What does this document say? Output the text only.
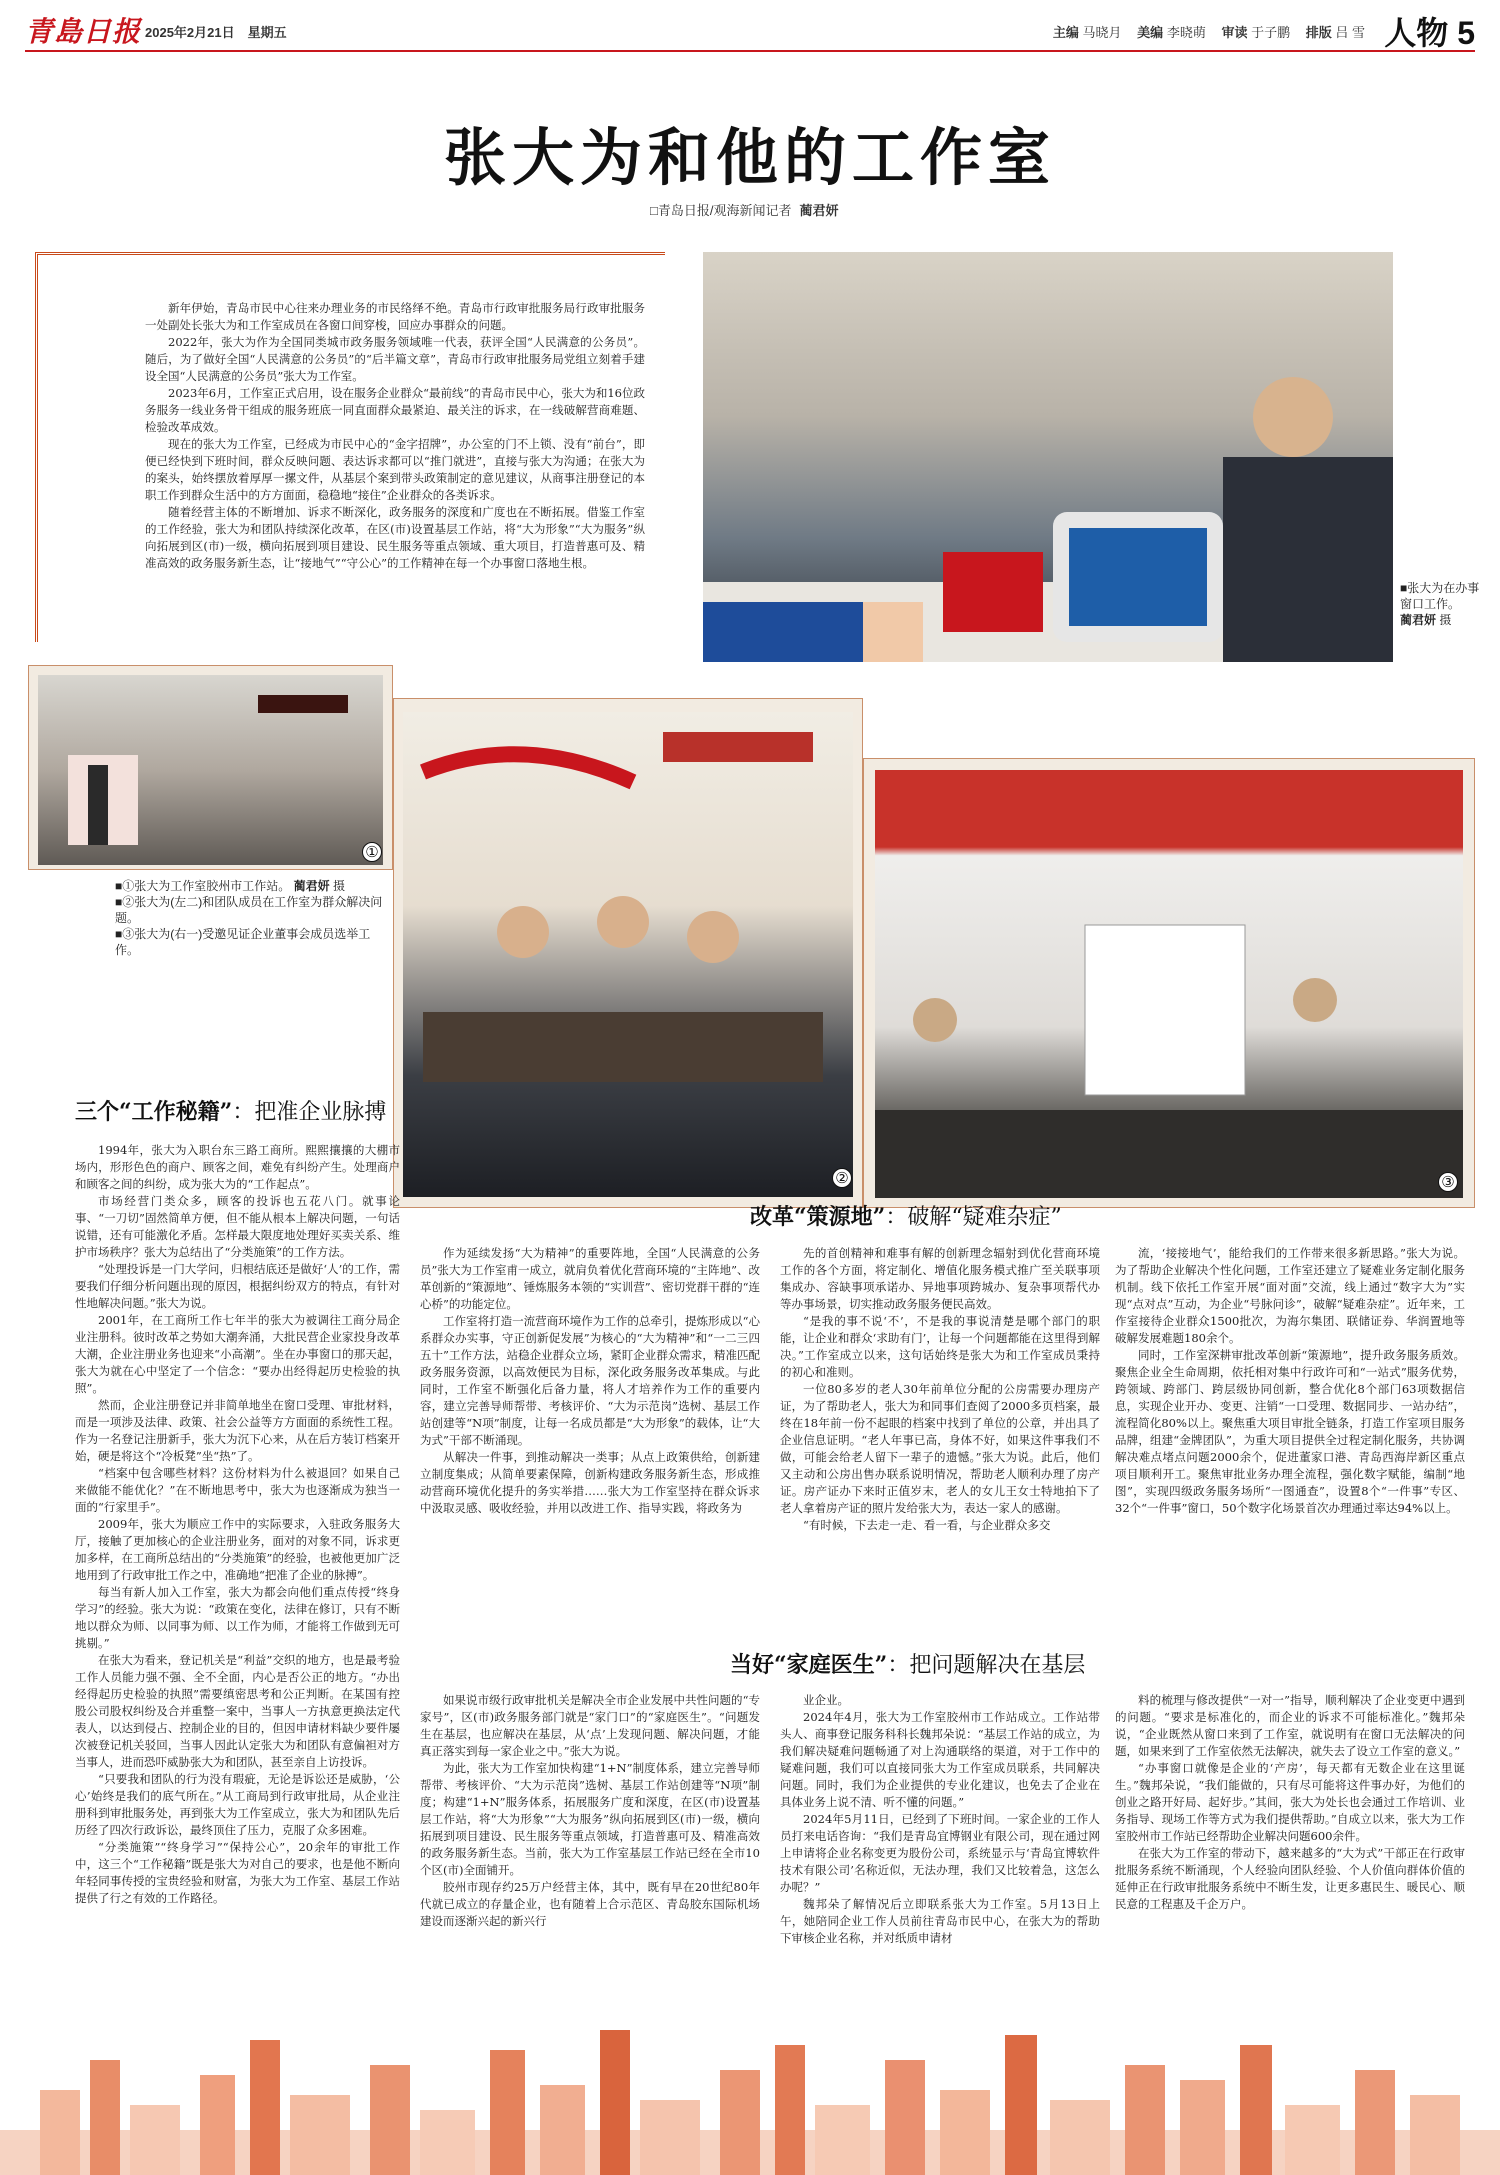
青島日报 2025年2月21日　星期五	主编 马晓月 美编 李晓萌 审读 于子鹏 排版 吕 雪 人物 5
张大为和他的工作室
□青岛日报/观海新闻记者 蔺君妍

新年伊始，青岛市民中心往来办理业务的市民络绎不绝。青岛市行政审批服务局行政审批服务一处副处长张大为和工作室成员在各窗口间穿梭，回应办事群众的问题。

2022年，张大为作为全国同类城市政务服务领域唯一代表，获评全国“人民满意的公务员”。随后，为了做好全国“人民满意的公务员”的“后半篇文章”，青岛市行政审批服务局党组立刻着手建设全国“人民满意的公务员”张大为工作室。

2023年6月，工作室正式启用，设在服务企业群众“最前线”的青岛市民中心，张大为和16位政务服务一线业务骨干组成的服务班底一同直面群众最紧迫、最关注的诉求，在一线破解营商难题、检验改革成效。

现在的张大为工作室，已经成为市民中心的“金字招牌”，办公室的门不上锁、没有“前台”，即便已经快到下班时间，群众反映问题、表达诉求都可以“推门就进”，直接与张大为沟通；在张大为的案头，始终摆放着厚厚一摞文件，从基层个案到带头政策制定的意见建议，从商事注册登记的本职工作到群众生活中的方方面面，稳稳地“接住”企业群众的各类诉求。

随着经营主体的不断增加、诉求不断深化，政务服务的深度和广度也在不断拓展。借鉴工作室的工作经验，张大为和团队持续深化改革，在区(市)设置基层工作站，将“大为形象”“大为服务”纵向拓展到区(市)一级，横向拓展到项目建设、民生服务等重点领域、重大项目，打造普惠可及、精准高效的政务服务新生态，让“接地气”“守公心”的工作精神在每一个办事窗口落地生根。

■张大为在办事窗口工作。
蔺君妍 摄
①
②	③
■①张大为工作室胶州市工作站。 蔺君妍 摄
■②张大为(左二)和团队成员在工作室为群众解决问题。
■③张大为(右一)受邀见证企业董事会成员选举工作。
三个“工作秘籍”：把准企业脉搏

1994年，张大为入职台东三路工商所。熙熙攘攘的大棚市场内，形形色色的商户、顾客之间，难免有纠纷产生。处理商户和顾客之间的纠纷，成为张大为的“工作起点”。

市场经营门类众多，顾客的投诉也五花八门。就事论事、“一刀切”固然简单方便，但不能从根本上解决问题，一句话说错，还有可能激化矛盾。怎样最大限度地处理好买卖关系、维护市场秩序？张大为总结出了“分类施策”的工作方法。

“处理投诉是一门大学问，归根结底还是做好‘人’的工作，需要我们仔细分析问题出现的原因，根据纠纷双方的特点，有针对性地解决问题。”张大为说。

2001年，在工商所工作七年半的张大为被调往工商分局企业注册科。彼时改革之势如大潮奔涌，大批民营企业家投身改革大潮，企业注册业务也迎来“小高潮”。坐在办事窗口的那天起，张大为就在心中坚定了一个信念：“要办出经得起历史检验的执照”。

然而，企业注册登记并非简单地坐在窗口受理、审批材料，而是一项涉及法律、政策、社会公益等方方面面的系统性工程。作为一名登记注册新手，张大为沉下心来，从在后方装订档案开始，硬是将这个“冷板凳”坐“热”了。

“档案中包含哪些材料？这份材料为什么被退回？如果自己来做能不能优化？”在不断地思考中，张大为也逐渐成为独当一面的“行家里手”。

2009年，张大为顺应工作中的实际要求，入驻政务服务大厅，接触了更加核心的企业注册业务，面对的对象不同，诉求更加多样，在工商所总结出的“分类施策”的经验，也被他更加广泛地用到了行政审批工作之中，准确地“把准了企业的脉搏”。

每当有新人加入工作室，张大为都会向他们重点传授“终身学习”的经验。张大为说：“政策在变化，法律在修订，只有不断地以群众为师、以同事为师、以工作为师，才能将工作做到无可挑剔。”

在张大为看来，登记机关是“利益”交织的地方，也是最考验工作人员能力强不强、全不全面，内心是否公正的地方。“办出经得起历史检验的执照”需要缜密思考和公正判断。在某国有控股公司股权纠纷及合并重整一案中，当事人一方执意更换法定代表人，以达到侵占、控制企业的目的，但因申请材料缺少要件屡次被登记机关驳回，当事人因此认定张大为和团队有意偏袒对方当事人，进而恐吓威胁张大为和团队，甚至亲自上访投诉。

“只要我和团队的行为没有瑕疵，无论是诉讼还是威胁，‘公心’始终是我们的底气所在。”从工商局到行政审批局，从企业注册科到审批服务处，再到张大为工作室成立，张大为和团队先后历经了四次行政诉讼，最终顶住了压力，克服了众多困难。

“分类施策”“终身学习”“保持公心”，20余年的审批工作中，这三个“工作秘籍”既是张大为对自己的要求，也是他不断向年轻同事传授的宝贵经验和财富，为张大为工作室、基层工作站提供了行之有效的工作路径。

改革“策源地”：破解“疑难杂症”

作为延续发扬“大为精神”的重要阵地，全国“人民满意的公务员”张大为工作室甫一成立，就肩负着优化营商环境的“主阵地”、改革创新的“策源地”、锤炼服务本领的“实训营”、密切党群干群的“连心桥”的功能定位。

工作室将打造一流营商环境作为工作的总牵引，提炼形成以“心系群众办实事，守正创新促发展”为核心的“大为精神”和“一二三四五十”工作方法，站稳企业群众立场，紧盯企业群众需求，精准匹配政务服务资源，以高效便民为目标，深化政务服务改革集成。与此同时，工作室不断强化后备力量，将人才培养作为工作的重要内容，建立完善导师帮带、考核评价、“大为示范岗”选树、基层工作站创建等“N项”制度，让每一名成员都是“大为形象”的载体，让“大为式”干部不断涌现。

从解决一件事，到推动解决一类事；从点上政策供给，创新建立制度集成；从简单要素保障，创新构建政务服务新生态，形成推动营商环境优化提升的务实举措……张大为工作室坚持在群众诉求中汲取灵感、吸收经验，并用以改进工作、指导实践，将政务为

先的首创精神和难事有解的创新理念辐射到优化营商环境工作的各个方面，将定制化、增值化服务模式推广至关联事项集成办、容缺事项承诺办、异地事项跨城办、复杂事项帮代办等办事场景，切实推动政务服务便民高效。

“是我的事不说‘不’，不是我的事说清楚是哪个部门的职能，让企业和群众‘求助有门’，让每一个问题都能在这里得到解决。”工作室成立以来，这句话始终是张大为和工作室成员秉持的初心和准则。

一位80多岁的老人30年前单位分配的公房需要办理房产证，为了帮助老人，张大为和同事们查阅了2000多页档案，最终在18年前一份不起眼的档案中找到了单位的公章，并出具了企业信息证明。“老人年事已高，身体不好，如果这件事我们不做，可能会给老人留下一辈子的遗憾。”张大为说。此后，他们又主动和公房出售办联系说明情况，帮助老人顺利办理了房产证。房产证办下来时正值岁末，老人的女儿王女士特地拍下了老人拿着房产证的照片发给张大为，表达一家人的感谢。

“有时候，下去走一走、看一看，与企业群众多交

流，‘接接地气’，能给我们的工作带来很多新思路。”张大为说。为了帮助企业解决个性化问题，工作室还建立了疑难业务定制化服务机制。线下依托工作室开展“面对面”交流，线上通过“数字大为”实现“点对点”互动，为企业“号脉问诊”，破解“疑难杂症”。近年来，工作室接待企业群众1500批次，为海尔集团、联储证券、华润置地等破解发展难题180余个。

同时，工作室深耕审批改革创新“策源地”，提升政务服务质效。聚焦企业全生命周期，依托相对集中行政许可和“一站式”服务优势，跨领域、跨部门、跨层级协同创新，整合优化8个部门63项数据信息，实现企业开办、变更、注销“一口受理、数据同步、一站办结”，流程简化80%以上。聚焦重大项目审批全链条，打造工作室项目服务品牌，组建“金牌团队”，为重大项目提供全过程定制化服务，共协调解决难点堵点问题2000余个，促进董家口港、青岛西海岸新区重点项目顺利开工。聚焦审批业务办理全流程，强化数字赋能，编制“地图”，实现四级政务服务场所“一图通查”，设置8个“一件事”专区、32个“一件事”窗口，50个数字化场景首次办理通过率达94%以上。

当好“家庭医生”：把问题解决在基层

如果说市级行政审批机关是解决全市企业发展中共性问题的“专家号”，区(市)政务服务部门就是“家门口”的“家庭医生”。“问题发生在基层，也应解决在基层，从‘点’上发现问题、解决问题，才能真正落实到每一家企业之中。”张大为说。

为此，张大为工作室加快构建“1+N”制度体系，建立完善导师帮带、考核评价、“大为示范岗”选树、基层工作站创建等“N项”制度；构建“1+N”服务体系，拓展服务广度和深度，在区(市)设置基层工作站，将“大为形象”“大为服务”纵向拓展到区(市)一级，横向拓展到项目建设、民生服务等重点领域，打造普惠可及、精准高效的政务服务新生态。当前，张大为工作室基层工作站已经在全市10个区(市)全面铺开。

胶州市现存约25万户经营主体，其中，既有早在20世纪80年代就已成立的存量企业，也有随着上合示范区、青岛胶东国际机场建设而逐渐兴起的新兴行

业企业。

2024年4月，张大为工作室胶州市工作站成立。工作站带头人、商事登记服务科科长魏邦朵说：“基层工作站的成立，为我们解决疑难问题畅通了对上沟通联络的渠道，对于工作中的疑难问题，我们可以直接同张大为工作室成员联系，共同解决问题。同时，我们为企业提供的专业化建议，也免去了企业在具体业务上说不清、听不懂的问题。”

2024年5月11日，已经到了下班时间。一家企业的工作人员打来电话咨询：“我们是青岛宜博钢业有限公司，现在通过网上申请将企业名称变更为股份公司，系统显示与‘青岛宜博软件技术有限公司’名称近似，无法办理，我们又比较着急，这怎么办呢？”

魏邦朵了解情况后立即联系张大为工作室。5月13日上午，她陪同企业工作人员前往青岛市民中心，在张大为的帮助下审核企业名称，并对纸质申请材

料的梳理与修改提供“一对一”指导，顺利解决了企业变更中遇到的问题。“要求是标准化的，而企业的诉求不可能标准化。”魏邦朵说，“企业既然从窗口来到了工作室，就说明有在窗口无法解决的问题，如果来到了工作室依然无法解决，就失去了设立工作室的意义。”

“办事窗口就像是企业的‘产房’，每天都有无数企业在这里诞生。”魏邦朵说，“我们能做的，只有尽可能将这件事办好，为他们的创业之路开好局、起好步。”其间，张大为处长也会通过工作培训、业务指导、现场工作等方式为我们提供帮助。”自成立以来，张大为工作室胶州市工作站已经帮助企业解决问题600余件。

在张大为工作室的带动下，越来越多的“大为式”干部正在行政审批服务系统不断涌现，个人经验向团队经验、个人价值向群体价值的延伸正在行政审批服务系统中不断生发，让更多惠民生、暖民心、顺民意的工程惠及千企万户。
